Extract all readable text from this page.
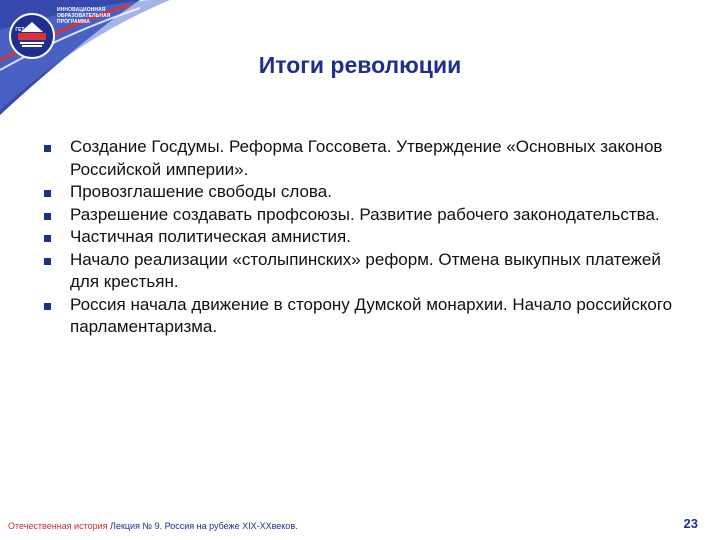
ИННОВАЦИОННАЯ
ОБРАЗОВАТЕЛЬНАЯ
ПРОГРАММА
ГЕТ-ЭЛИ
Итоги революции
Создание Госдумы. Реформа Госсовета. Утверждение «Основных законов Российской империи».
Провозглашение свободы слова.
Разрешение создавать профсоюзы. Развитие рабочего законодательства.
Частичная политическая амнистия.
Начало реализации «столыпинских» реформ. Отмена выкупных платежей для крестьян.
Россия начала движение в сторону Думской монархии. Начало российского парламентаризма.
Отечественная история Лекция № 9. Россия на рубеже XIX-XXвеков.	23
